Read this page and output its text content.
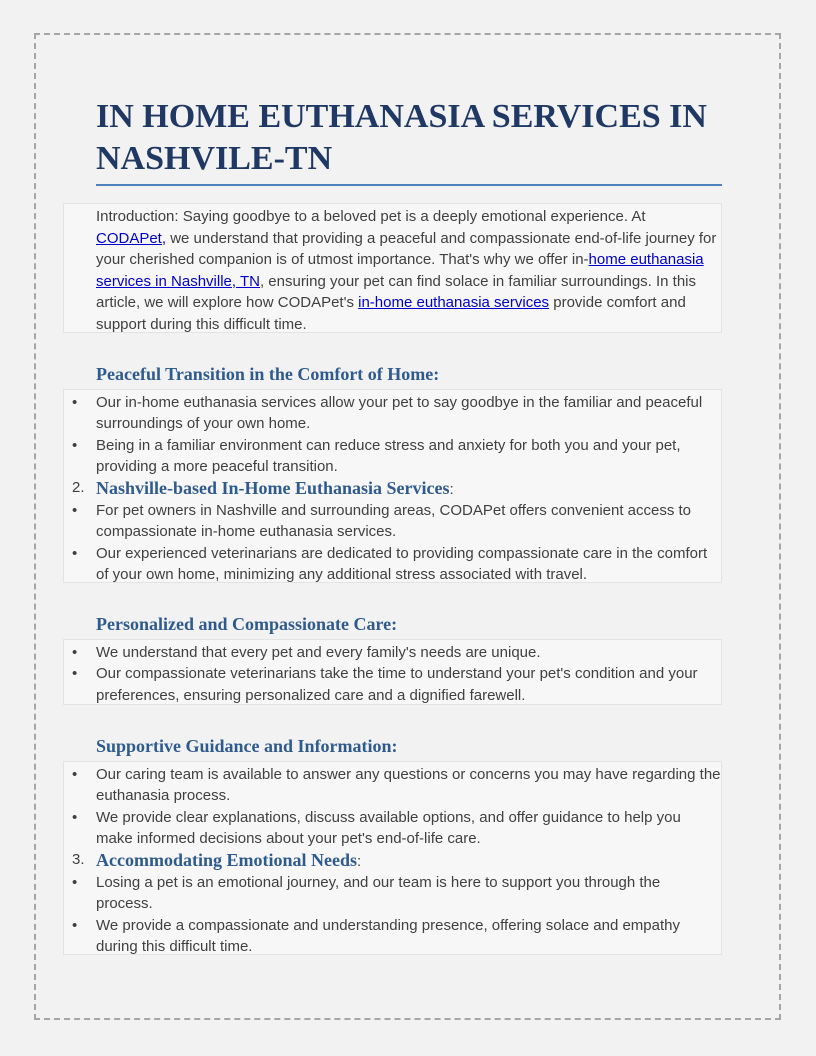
IN HOME EUTHANASIA SERVICES IN NASHVILE-TN
Introduction: Saying goodbye to a beloved pet is a deeply emotional experience. At CODAPet, we understand that providing a peaceful and compassionate end-of-life journey for your cherished companion is of utmost importance. That's why we offer in-home euthanasia services in Nashville, TN, ensuring your pet can find solace in familiar surroundings. In this article, we will explore how CODAPet's in-home euthanasia services provide comfort and support during this difficult time.
Peaceful Transition in the Comfort of Home:
• Our in-home euthanasia services allow your pet to say goodbye in the familiar and peaceful surroundings of your own home.
• Being in a familiar environment can reduce stress and anxiety for both you and your pet, providing a more peaceful transition.
2. Nashville-based In-Home Euthanasia Services:
• For pet owners in Nashville and surrounding areas, CODAPet offers convenient access to compassionate in-home euthanasia services.
• Our experienced veterinarians are dedicated to providing compassionate care in the comfort of your own home, minimizing any additional stress associated with travel.
Personalized and Compassionate Care:
• We understand that every pet and every family's needs are unique.
• Our compassionate veterinarians take the time to understand your pet's condition and your preferences, ensuring personalized care and a dignified farewell.
Supportive Guidance and Information:
• Our caring team is available to answer any questions or concerns you may have regarding the euthanasia process.
• We provide clear explanations, discuss available options, and offer guidance to help you make informed decisions about your pet's end-of-life care.
3. Accommodating Emotional Needs:
• Losing a pet is an emotional journey, and our team is here to support you through the process.
• We provide a compassionate and understanding presence, offering solace and empathy during this difficult time.
